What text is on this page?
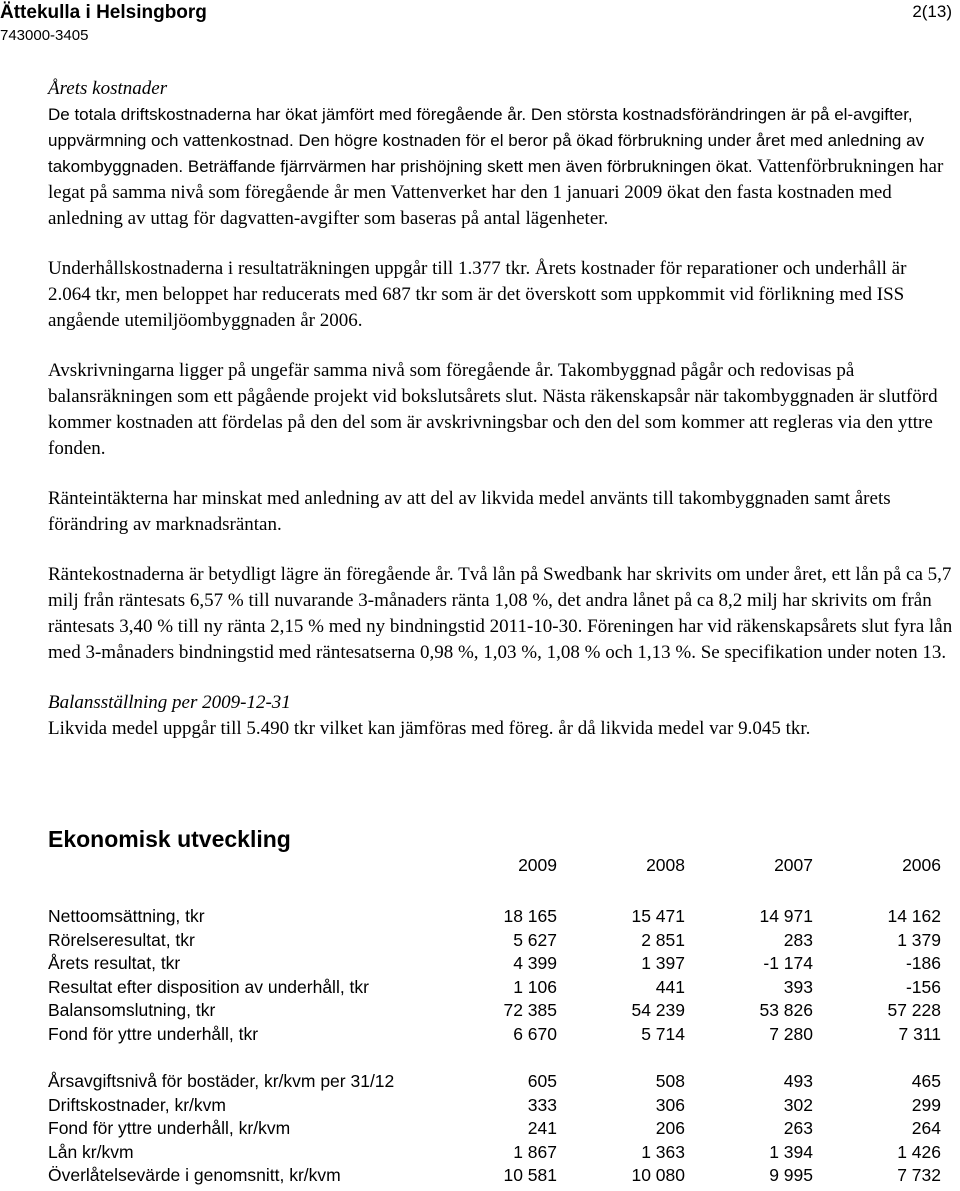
Ättekulla i Helsingborg
743000-3405
2(13)

Årets kostnader

De totala driftskostnaderna har ökat jämfört med föregående år. Den största kostnadsförändringen är på el-avgifter, uppvärmning och vattenkostnad. Den högre kostnaden för el beror på ökad förbrukning under året med anledning av takombyggnaden. Beträffande fjärrvärmen har prishöjning skett men även förbrukningen ökat. Vattenförbrukningen har legat på samma nivå som föregående år men Vattenverket har den 1 januari 2009 ökat den fasta kostnaden med anledning av uttag för dagvatten-avgifter som baseras på antal lägenheter.

Underhållskostnaderna i resultaträkningen uppgår till 1.377 tkr. Årets kostnader för reparationer och underhåll är 2.064 tkr, men beloppet har reducerats med 687 tkr som är det överskott som uppkommit vid förlikning med ISS angående utemiljöombyggnaden år 2006.

Avskrivningarna ligger på ungefär samma nivå som föregående år. Takombyggnad pågår och redovisas på balansräkningen som ett pågående projekt vid bokslutsårets slut. Nästa räkenskapsår när takombyggnaden är slutförd kommer kostnaden att fördelas på den del som är avskrivningsbar och den del som kommer att regleras via den yttre fonden.

Ränteintäkterna har minskat med anledning av att del av likvida medel använts till takombyggnaden samt årets förändring av marknadsräntan.

Räntekostnaderna är betydligt lägre än föregående år. Två lån på Swedbank har skrivits om under året, ett lån på ca 5,7 milj från räntesats 6,57 % till nuvarande 3-månaders ränta 1,08 %, det andra lånet på ca 8,2 milj har skrivits om från räntesats 3,40 % till ny ränta 2,15 % med ny bindningstid 2011-10-30. Föreningen har vid räkenskapsårets slut fyra lån med 3-månaders bindningstid med räntesatserna 0,98 %, 1,03 %, 1,08 % och 1,13 %. Se specifikation under noten 13.

Balansställning per 2009-12-31

Likvida medel uppgår till 5.490 tkr vilket kan jämföras med föreg. år då likvida medel var 9.045 tkr.

Ekonomisk utveckling
	2009	2008	2007	2006

Nettoomsättning, tkr	18 165	15 471	14 971	14 162
Rörelseresultat, tkr	5 627	2 851	283	1 379
Årets resultat, tkr	4 399	1 397	-1 174	-186
Resultat efter disposition av underhåll, tkr	1 106	441	393	-156
Balansomslutning, tkr	72 385	54 239	53 826	57 228
Fond för yttre underhåll, tkr	6 670	5 714	7 280	7 311

Årsavgiftsnivå för bostäder, kr/kvm per 31/12	605	508	493	465
Driftskostnader, kr/kvm	333	306	302	299
Fond för yttre underhåll, kr/kvm	241	206	263	264
Lån kr/kvm	1 867	1 363	1 394	1 426
Överlåtelsevärde i genomsnitt, kr/kvm	10 581	10 080	9 995	7 732
